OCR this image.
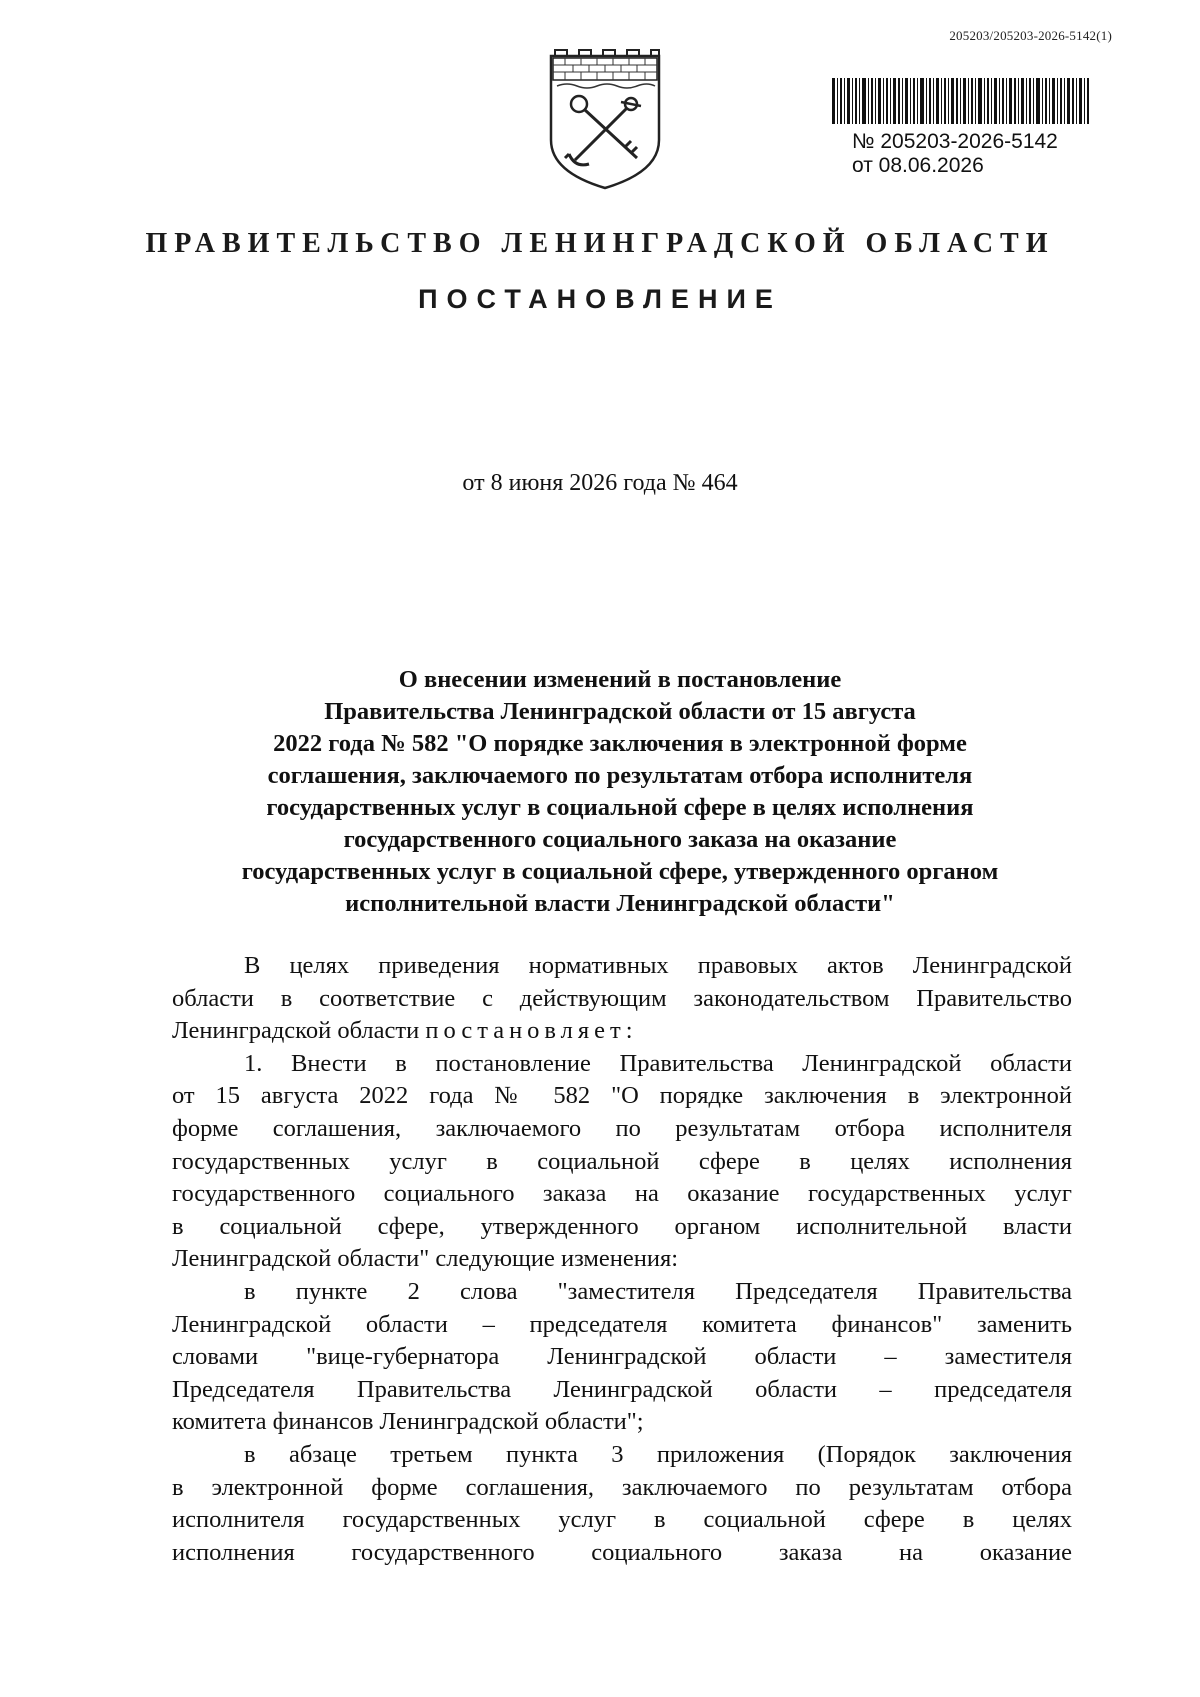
205203/205203-2026-5142(1)
№ 205203-2026-5142
от 08.06.2026
ПРАВИТЕЛЬСТВО ЛЕНИНГРАДСКОЙ ОБЛАСТИ
ПОСТАНОВЛЕНИЕ
от 8 июня 2026 года № 464
О внесении изменений в постановление
Правительства Ленинградской области от 15 августа
2022 года № 582 "О порядке заключения в электронной форме
соглашения, заключаемого по результатам отбора исполнителя
государственных услуг в социальной сфере в целях исполнения
государственного социального заказа на оказание
государственных услуг в социальной сфере, утвержденного органом
исполнительной власти Ленинградской области"
В целях приведения нормативных правовых актов Ленинградской
области в соответствие с действующим законодательством Правительство
Ленинградской области постановляет:
1. Внести в постановление Правительства Ленинградской области
от 15 августа 2022 года № 582 "О порядке заключения в электронной
форме соглашения, заключаемого по результатам отбора исполнителя
государственных услуг в социальной сфере в целях исполнения
государственного социального заказа на оказание государственных услуг
в социальной сфере, утвержденного органом исполнительной власти
Ленинградской области" следующие изменения:
в пункте 2 слова "заместителя Председателя Правительства
Ленинградской области – председателя комитета финансов" заменить
словами "вице-губернатора Ленинградской области – заместителя
Председателя Правительства Ленинградской области – председателя
комитета финансов Ленинградской области";
в абзаце третьем пункта 3 приложения (Порядок заключения
в электронной форме соглашения, заключаемого по результатам отбора
исполнителя государственных услуг в социальной сфере в целях
исполнения государственного социального заказа на оказание
